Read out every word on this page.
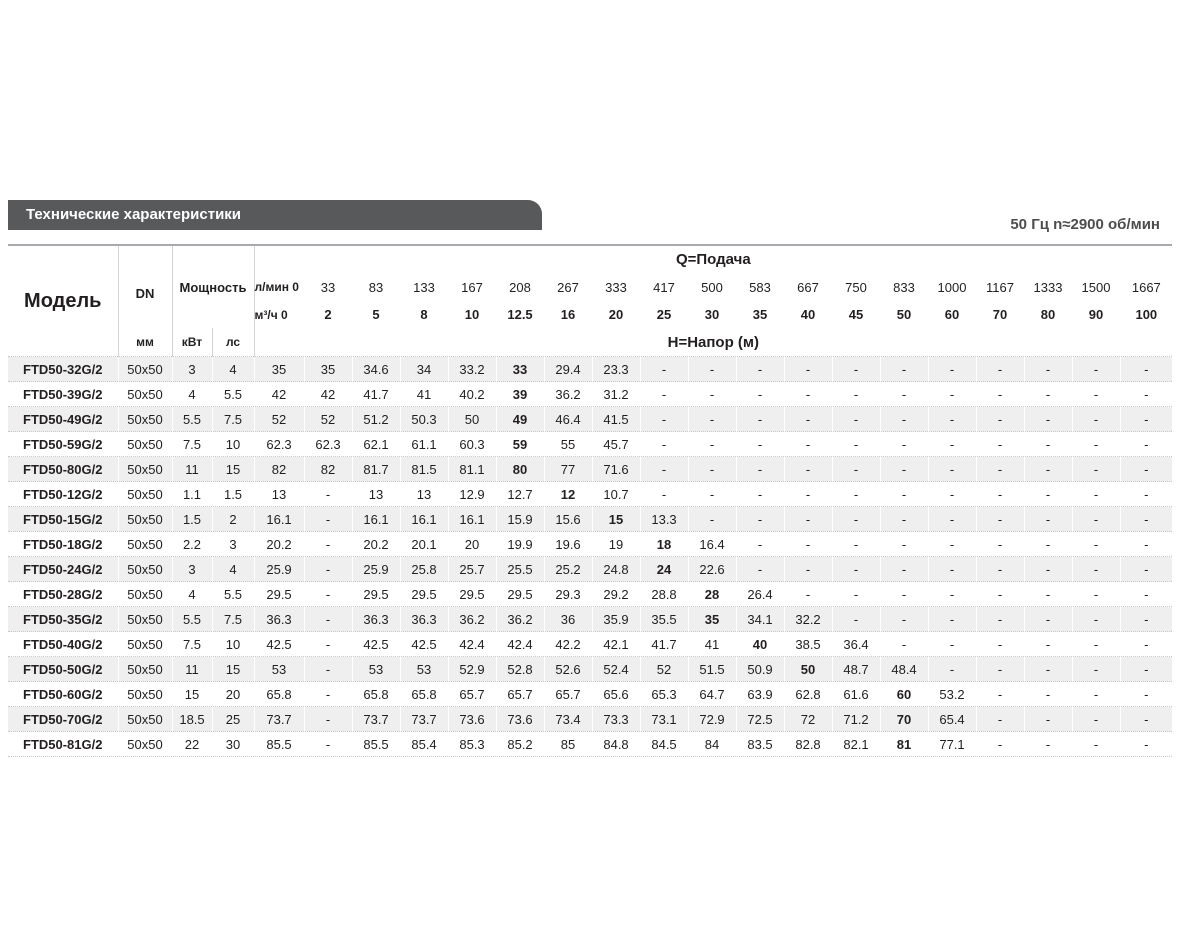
Технические характеристики
50 Гц n≈2900 об/мин
Модель	DN	Мощность		Q=Подача																		
				л/мин 0	33	83	133	167	208	267	333	417	500	583	667	750	833	1000	1167	1333	1500	1667
				м³/ч 0	2	5	8	10	12.5	16	20	25	30	35	40	45	50	60	70	80	90	100
	мм	кВт	лс	H=Напор (м)																		
FTD50-32G/2	50x50	3	4	35	35	34.6	34	33.2	33	29.4	23.3	-	-	-	-	-	-	-	-	-	-	-
FTD50-39G/2	50x50	4	5.5	42	42	41.7	41	40.2	39	36.2	31.2	-	-	-	-	-	-	-	-	-	-	-
FTD50-49G/2	50x50	5.5	7.5	52	52	51.2	50.3	50	49	46.4	41.5	-	-	-	-	-	-	-	-	-	-	-
FTD50-59G/2	50x50	7.5	10	62.3	62.3	62.1	61.1	60.3	59	55	45.7	-	-	-	-	-	-	-	-	-	-	-
FTD50-80G/2	50x50	11	15	82	82	81.7	81.5	81.1	80	77	71.6	-	-	-	-	-	-	-	-	-	-	-
FTD50-12G/2	50x50	1.1	1.5	13	-	13	13	12.9	12.7	12	10.7	-	-	-	-	-	-	-	-	-	-	-
FTD50-15G/2	50x50	1.5	2	16.1	-	16.1	16.1	16.1	15.9	15.6	15	13.3	-	-	-	-	-	-	-	-	-	-
FTD50-18G/2	50x50	2.2	3	20.2	-	20.2	20.1	20	19.9	19.6	19	18	16.4	-	-	-	-	-	-	-	-	-
FTD50-24G/2	50x50	3	4	25.9	-	25.9	25.8	25.7	25.5	25.2	24.8	24	22.6	-	-	-	-	-	-	-	-	-
FTD50-28G/2	50x50	4	5.5	29.5	-	29.5	29.5	29.5	29.5	29.3	29.2	28.8	28	26.4	-	-	-	-	-	-	-	-
FTD50-35G/2	50x50	5.5	7.5	36.3	-	36.3	36.3	36.2	36.2	36	35.9	35.5	35	34.1	32.2	-	-	-	-	-	-	-
FTD50-40G/2	50x50	7.5	10	42.5	-	42.5	42.5	42.4	42.4	42.2	42.1	41.7	41	40	38.5	36.4	-	-	-	-	-	-
FTD50-50G/2	50x50	11	15	53	-	53	53	52.9	52.8	52.6	52.4	52	51.5	50.9	50	48.7	48.4	-	-	-	-	-
FTD50-60G/2	50x50	15	20	65.8	-	65.8	65.8	65.7	65.7	65.7	65.6	65.3	64.7	63.9	62.8	61.6	60	53.2	-	-	-	-
FTD50-70G/2	50x50	18.5	25	73.7	-	73.7	73.7	73.6	73.6	73.4	73.3	73.1	72.9	72.5	72	71.2	70	65.4	-	-	-	-
FTD50-81G/2	50x50	22	30	85.5	-	85.5	85.4	85.3	85.2	85	84.8	84.5	84	83.5	82.8	82.1	81	77.1	-	-	-	-
